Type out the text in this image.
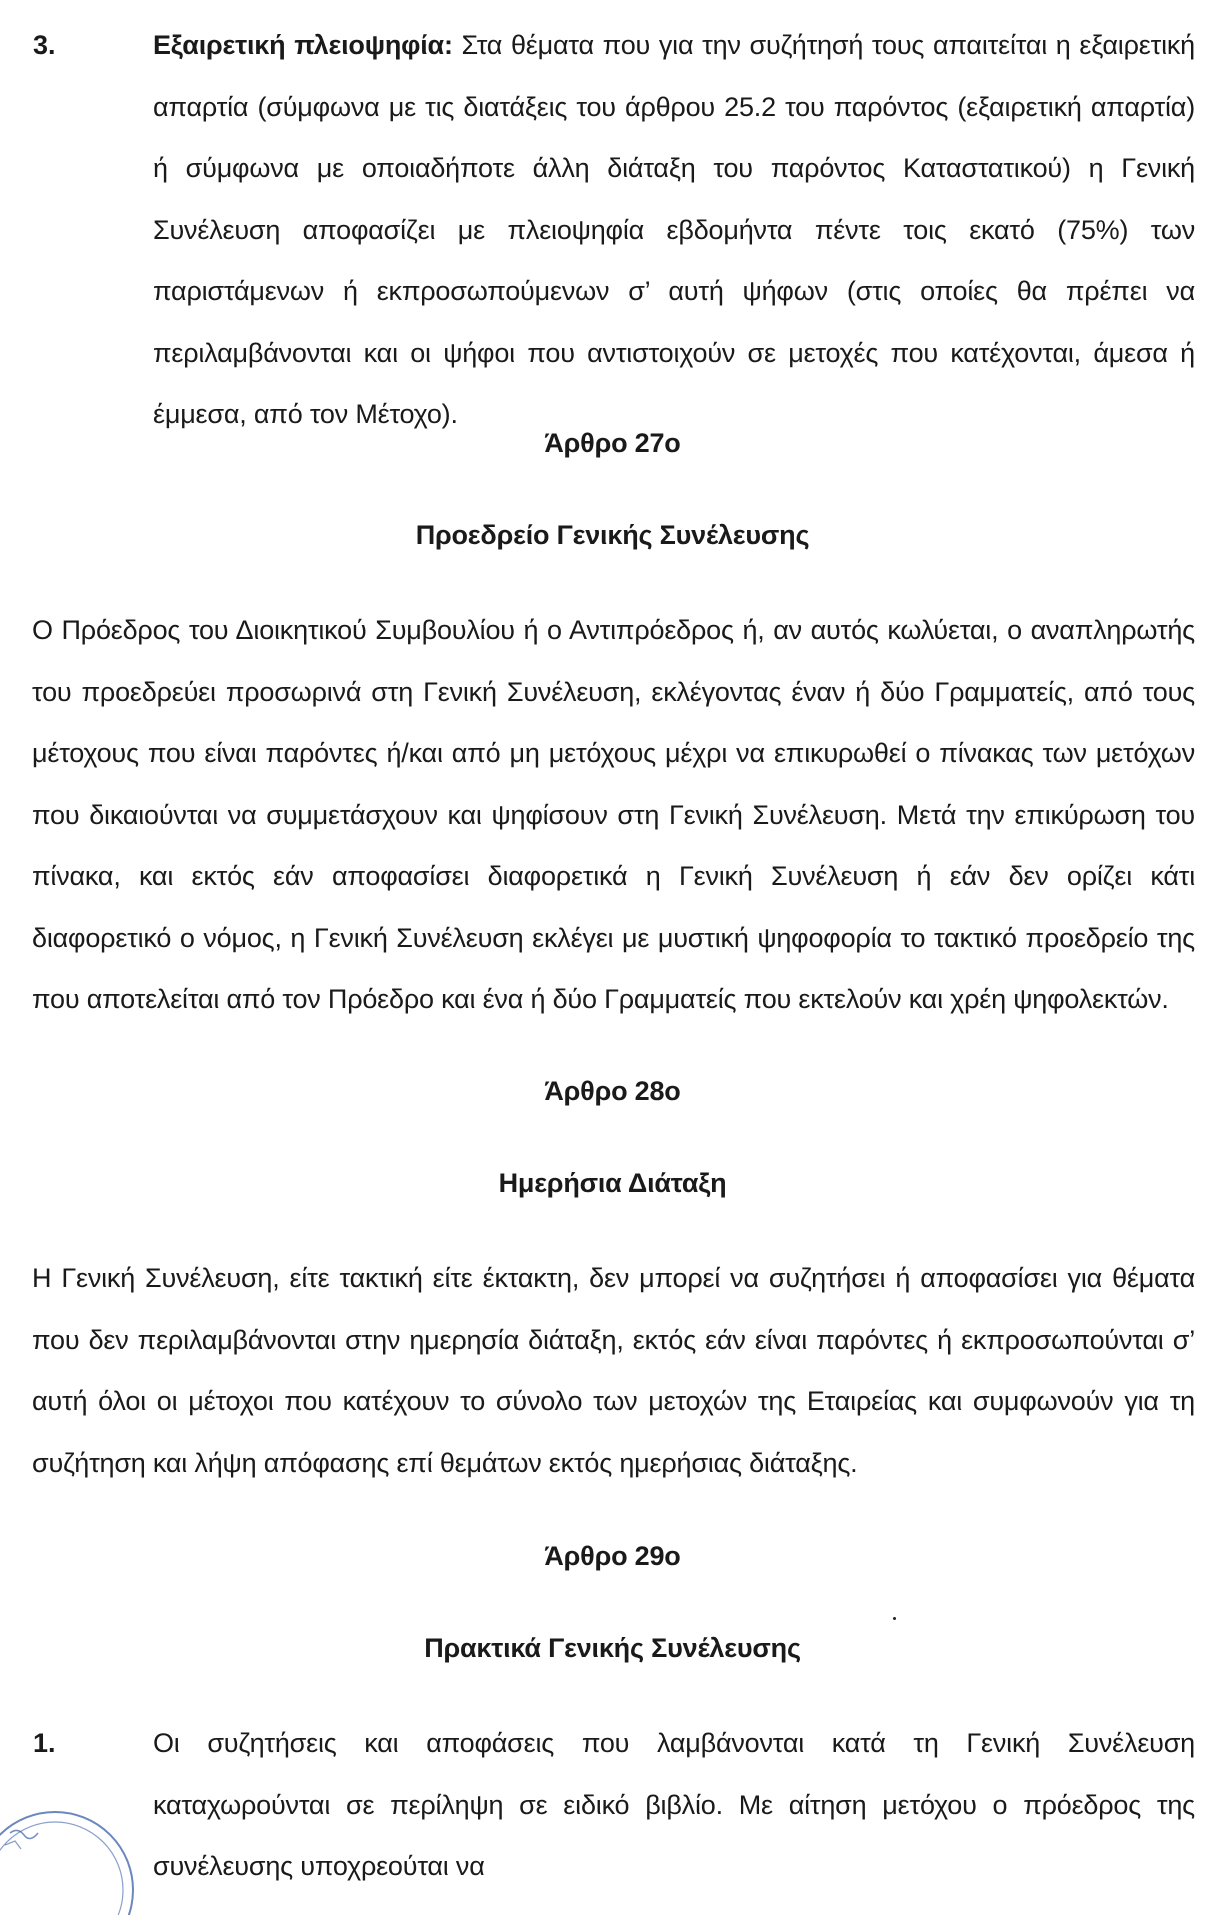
3.	Εξαιρετική πλειοψηφία: Στα θέματα που για την συζήτησή τους απαιτείται η εξαιρετική απαρτία (σύμφωνα με τις διατάξεις του άρθρου 25.2 του παρόντος (εξαιρετική απαρτία) ή σύμφωνα με οποιαδήποτε άλλη διάταξη του παρόντος Καταστατικού) η Γενική Συνέλευση αποφασίζει με πλειοψηφία εβδομήντα πέντε τοις εκατό (75%) των παριστάμενων ή εκπροσωπούμενων σ’ αυτή ψήφων (στις οποίες θα πρέπει να περιλαμβάνονται και οι ψήφοι που αντιστοιχούν σε μετοχές που κατέχονται, άμεσα ή έμμεσα, από τον Μέτοχο).
Άρθρο 27ο
Προεδρείο Γενικής Συνέλευσης
Ο Πρόεδρος του Διοικητικού Συμβουλίου ή ο Αντιπρόεδρος ή, αν αυτός κωλύεται, ο αναπληρωτής του προεδρεύει προσωρινά στη Γενική Συνέλευση, εκλέγοντας έναν ή δύο Γραμματείς, από τους μέτοχους που είναι παρόντες ή/και από μη μετόχους μέχρι να επικυρωθεί ο πίνακας των μετόχων που δικαιούνται να συμμετάσχουν και ψηφίσουν στη Γενική Συνέλευση. Μετά την επικύρωση του πίνακα, και εκτός εάν αποφασίσει διαφορετικά η Γενική Συνέλευση ή εάν δεν ορίζει κάτι διαφορετικό ο νόμος, η Γενική Συνέλευση εκλέγει με μυστική ψηφοφορία το τακτικό προεδρείο της που αποτελείται από τον Πρόεδρο και ένα ή δύο Γραμματείς που εκτελούν και χρέη ψηφολεκτών.
Άρθρο 28ο
Ημερήσια Διάταξη
Η Γενική Συνέλευση, είτε τακτική είτε έκτακτη, δεν μπορεί να συζητήσει ή αποφασίσει για θέματα που δεν περιλαμβάνονται στην ημερησία διάταξη, εκτός εάν είναι παρόντες ή εκπροσωπούνται σ’ αυτή όλοι οι μέτοχοι που κατέχουν το σύνολο των μετοχών της Εταιρείας και συμφωνούν για τη συζήτηση και λήψη απόφασης επί θεμάτων εκτός ημερήσιας διάταξης.
Άρθρο 29ο
Πρακτικά Γενικής Συνέλευσης
1.	Οι συζητήσεις και αποφάσεις που λαμβάνονται κατά τη Γενική Συνέλευση καταχωρούνται σε περίληψη σε ειδικό βιβλίο. Με αίτηση μετόχου ο πρόεδρος της συνέλευσης υποχρεούται να
